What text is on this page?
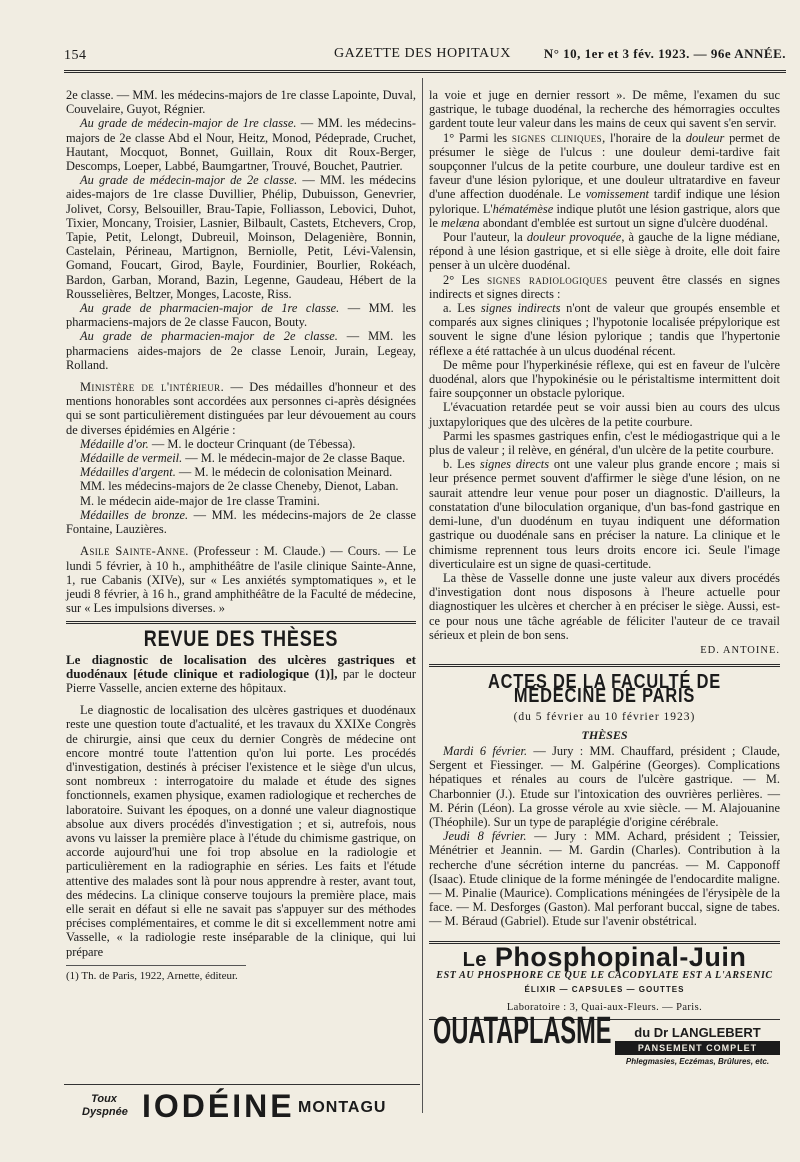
154	GAZETTE DES HOPITAUX	N° 10, 1er et 3 fév. 1923. — 96e ANNÉE.

2e classe. — MM. les médecins-majors de 1re classe Lapointe, Duval, Couvelaire, Guyot, Régnier.

Au grade de médecin-major de 1re classe. — MM. les médecins-majors de 2e classe Abd el Nour, Heitz, Monod, Pédeprade, Cruchet, Hautant, Mocquot, Bonnet, Guillain, Roux dit Roux-Berger, Descomps, Loeper, Labbé, Baumgartner, Trouvé, Bouchet, Pautrier.

Au grade de médecin-major de 2e classe. — MM. les médecins aides-majors de 1re classe Duvillier, Phélip, Dubuisson, Genevrier, Jolivet, Corsy, Belsouiller, Brau-Tapie, Folliasson, Lebovici, Duhot, Tixier, Moncany, Troisier, Lasnier, Bilbault, Castets, Etchevers, Crop, Tapie, Petit, Lelongt, Dubreuil, Moinson, Delagenière, Bonnin, Castelain, Périneau, Martignon, Berniolle, Petit, Lévi-Valensin, Gomand, Foucart, Girod, Bayle, Fourdinier, Bourlier, Rokéach, Bardon, Garban, Morand, Bazin, Legenne, Gaudeau, Hébert de la Rousselières, Beltzer, Monges, Lacoste, Riss.

Au grade de pharmacien-major de 1re classe. — MM. les pharmaciens-majors de 2e classe Faucon, Bouty.

Au grade de pharmacien-major de 2e classe. — MM. les pharmaciens aides-majors de 2e classe Lenoir, Jurain, Legeay, Rolland.

Ministère de l'intérieur. — Des médailles d'honneur et des mentions honorables sont accordées aux personnes ci-après désignées qui se sont particulièrement distinguées par leur dévouement au cours de diverses épidémies en Algérie :

Médaille d'or. — M. le docteur Crinquant (de Tébessa).

Médaille de vermeil. — M. le médecin-major de 2e classe Baque.

Médailles d'argent. — M. le médecin de colonisation Meinard.

MM. les médecins-majors de 2e classe Cheneby, Dienot, Laban.

M. le médecin aide-major de 1re classe Tramini.

Médailles de bronze. — MM. les médecins-majors de 2e classe Fontaine, Lauzières.

Asile Sainte-Anne. (Professeur : M. Claude.) — Cours. — Le lundi 5 février, à 10 h., amphithéâtre de l'asile clinique Sainte-Anne, 1, rue Cabanis (XIVe), sur « Les anxiétés symptomatiques », et le jeudi 8 février, à 16 h., grand amphithéâtre de la Faculté de médecine, sur « Les impulsions diverses. »

REVUE DES THÈSES

Le diagnostic de localisation des ulcères gastriques et duodénaux [étude clinique et radiologique (1)], par le docteur Pierre Vasselle, ancien externe des hôpitaux.

Le diagnostic de localisation des ulcères gastriques et duodénaux reste une question toute d'actualité, et les travaux du XXIXe Congrès de chirurgie, ainsi que ceux du dernier Congrès de médecine ont encore montré toute l'attention qu'on lui porte. Les procédés d'investigation, destinés à préciser l'existence et le siège d'un ulcus, sont nombreux : interrogatoire du malade et étude des signes fonctionnels, examen physique, examen radiologique et recherches de laboratoire. Suivant les époques, on a donné une valeur diagnostique absolue aux divers procédés d'investigation ; et si, autrefois, nous avons vu laisser la première place à l'étude du chimisme gastrique, on accorde aujourd'hui une foi trop absolue en la radiologie et particulièrement en la radiographie en séries. Les faits et l'étude attentive des malades sont là pour nous apprendre à rester, avant tout, des médecins. La clinique conserve toujours la première place, mais elle serait en défaut si elle ne savait pas s'appuyer sur des méthodes précises complémentaires, et comme le dit si excellemment notre ami Vasselle, « la radiologie reste inséparable de la clinique, qui lui prépare

(1) Th. de Paris, 1922, Arnette, éditeur.

la voie et juge en dernier ressort ». De même, l'examen du suc gastrique, le tubage duodénal, la recherche des hémorragies occultes gardent toute leur valeur dans les mains de ceux qui savent s'en servir.

1° Parmi les signes cliniques, l'horaire de la douleur permet de présumer le siège de l'ulcus : une douleur demi-tardive fait soupçonner l'ulcus de la petite courbure, une douleur tardive est en faveur d'une lésion pylorique, et une douleur ultratardive en faveur d'une affection duodénale. Le vomissement tardif indique une lésion pylorique. L'hématémèse indique plutôt une lésion gastrique, alors que le melæna abondant d'emblée est surtout un signe d'ulcère duodénal.

Pour l'auteur, la douleur provoquée, à gauche de la ligne médiane, répond à une lésion gastrique, et si elle siège à droite, elle doit faire penser à un ulcère duodénal.

2° Les signes radiologiques peuvent être classés en signes indirects et signes directs :

a. Les signes indirects n'ont de valeur que groupés ensemble et comparés aux signes cliniques ; l'hypotonie localisée prépylorique est souvent le signe d'une lésion pylorique ; tandis que l'hypertonie réflexe a été rattachée à un ulcus duodénal récent.

De même pour l'hyperkinésie réflexe, qui est en faveur de l'ulcère duodénal, alors que l'hypokinésie ou le péristaltisme intermittent doit faire soupçonner un obstacle pylorique.

L'évacuation retardée peut se voir aussi bien au cours des ulcus juxtapyloriques que des ulcères de la petite courbure.

Parmi les spasmes gastriques enfin, c'est le médiogastrique qui a le plus de valeur ; il relève, en général, d'un ulcère de la petite courbure.

b. Les signes directs ont une valeur plus grande encore ; mais si leur présence permet souvent d'affirmer le siège d'une lésion, on ne saurait attendre leur venue pour poser un diagnostic. D'ailleurs, la constatation d'une biloculation organique, d'un bas-fond gastrique en demi-lune, d'un duodénum en tuyau indiquent une déformation gastrique ou duodénale sans en préciser la nature. La clinique et le chimisme reprennent tous leurs droits encore ici. Seule l'image diverticulaire est un signe de quasi-certitude.

La thèse de Vasselle donne une juste valeur aux divers procédés d'investigation dont nous disposons à l'heure actuelle pour diagnostiquer les ulcères et chercher à en préciser le siège. Aussi, est-ce pour nous une tâche agréable de féliciter l'auteur de ce travail sérieux et plein de bon sens.

ED. ANTOINE.
ACTES DE LA FACULTÉ DE MÉDECINE DE PARIS
(du 5 février au 10 février 1923)
THÈSES

Mardi 6 février. — Jury : MM. Chauffard, président ; Claude, Sergent et Fiessinger. — M. Galpérine (Georges). Complications hépatiques et rénales au cours de l'ulcère gastrique. — M. Charbonnier (J.). Etude sur l'intoxication des ouvrières perlières. — M. Périn (Léon). La grosse vérole au xvie siècle. — M. Alajouanine (Théophile). Sur un type de paraplégie d'origine cérébrale.

Jeudi 8 février. — Jury : MM. Achard, président ; Teissier, Ménétrier et Jeannin. — M. Gardin (Charles). Contribution à la recherche d'une sécrétion interne du pancréas. — M. Capponoff (Isaac). Etude clinique de la forme méningée de l'endocardite maligne. — M. Pinalie (Maurice). Complications méningées de l'érysipèle de la face. — M. Desforges (Gaston). Mal perforant buccal, signe de tabes. — M. Béraud (Gabriel). Etude sur l'avenir obstétrical.

Le Phosphopinal-Juin
EST AU PHOSPHORE CE QUE LE CACODYLATE EST A L'ARSENIC
ÉLIXIR — CAPSULES — GOUTTES
Laboratoire : 3, Quai-aux-Fleurs. — Paris.
OUATAPLASME	du Dr LANGLEBERT
PANSEMENT COMPLET
Phlegmasies, Eczémas, Brûlures, etc.
Toux Dyspnée IODÉINE MONTAGU
